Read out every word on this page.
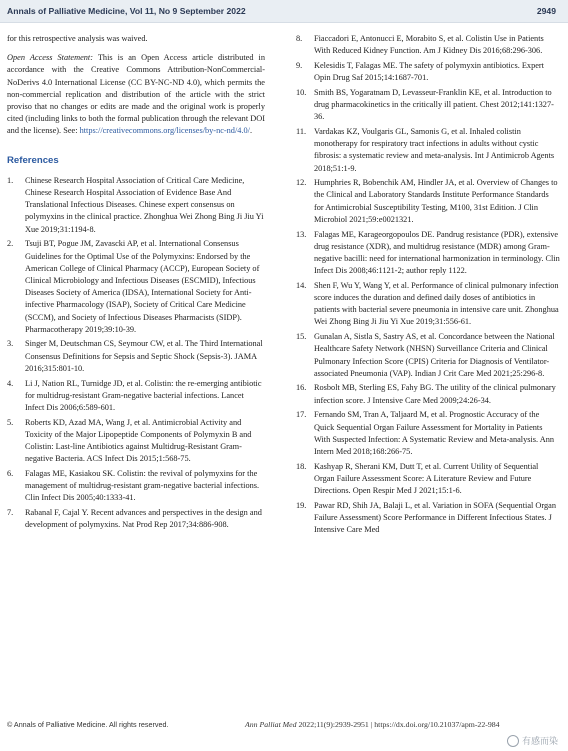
Annals of Palliative Medicine, Vol 11, No 9 September 2022	2949

for this retrospective analysis was waived.

Open Access Statement: This is an Open Access article distributed in accordance with the Creative Commons Attribution-NonCommercial-NoDerivs 4.0 International License (CC BY-NC-ND 4.0), which permits the non-commercial replication and distribution of the article with the strict proviso that no changes or edits are made and the original work is properly cited (including links to both the formal publication through the relevant DOI and the license). See: https://creativecommons.org/licenses/by-nc-nd/4.0/.

References
1. Chinese Research Hospital Association of Critical Care Medicine, Chinese Research Hospital Association of Evidence Base And Translational Infectious Diseases. Chinese expert consensus on polymyxins in the clinical practice. Zhonghua Wei Zhong Bing Ji Jiu Yi Xue 2019;31:1194-8.
2. Tsuji BT, Pogue JM, Zavascki AP, et al. International Consensus Guidelines for the Optimal Use of the Polymyxins: Endorsed by the American College of Clinical Pharmacy (ACCP), European Society of Clinical Microbiology and Infectious Diseases (ESCMID), Infectious Diseases Society of America (IDSA), International Society for Anti-infective Pharmacology (ISAP), Society of Critical Care Medicine (SCCM), and Society of Infectious Diseases Pharmacists (SIDP). Pharmacotherapy 2019;39:10-39.
3. Singer M, Deutschman CS, Seymour CW, et al. The Third International Consensus Definitions for Sepsis and Septic Shock (Sepsis-3). JAMA 2016;315:801-10.
4. Li J, Nation RL, Turnidge JD, et al. Colistin: the re-emerging antibiotic for multidrug-resistant Gram-negative bacterial infections. Lancet Infect Dis 2006;6:589-601.
5. Roberts KD, Azad MA, Wang J, et al. Antimicrobial Activity and Toxicity of the Major Lipopeptide Components of Polymyxin B and Colistin: Last-line Antibiotics against Multidrug-Resistant Gram-negative Bacteria. ACS Infect Dis 2015;1:568-75.
6. Falagas ME, Kasiakou SK. Colistin: the revival of polymyxins for the management of multidrug-resistant gram-negative bacterial infections. Clin Infect Dis 2005;40:1333-41.
7. Rabanal F, Cajal Y. Recent advances and perspectives in the design and development of polymyxins. Nat Prod Rep 2017;34:886-908.
8. Fiaccadori E, Antonucci E, Morabito S, et al. Colistin Use in Patients With Reduced Kidney Function. Am J Kidney Dis 2016;68:296-306.
9. Kelesidis T, Falagas ME. The safety of polymyxin antibiotics. Expert Opin Drug Saf 2015;14:1687-701.
10. Smith BS, Yogaratnam D, Levasseur-Franklin KE, et al. Introduction to drug pharmacokinetics in the critically ill patient. Chest 2012;141:1327-36.
11. Vardakas KZ, Voulgaris GL, Samonis G, et al. Inhaled colistin monotherapy for respiratory tract infections in adults without cystic fibrosis: a systematic review and meta-analysis. Int J Antimicrob Agents 2018;51:1-9.
12. Humphries R, Bobenchik AM, Hindler JA, et al. Overview of Changes to the Clinical and Laboratory Standards Institute Performance Standards for Antimicrobial Susceptibility Testing, M100, 31st Edition. J Clin Microbiol 2021;59:e0021321.
13. Falagas ME, Karageorgopoulos DE. Pandrug resistance (PDR), extensive drug resistance (XDR), and multidrug resistance (MDR) among Gram-negative bacilli: need for international harmonization in terminology. Clin Infect Dis 2008;46:1121-2; author reply 1122.
14. Shen F, Wu Y, Wang Y, et al. Performance of clinical pulmonary infection score induces the duration and defined daily doses of antibiotics in patients with bacterial severe pneumonia in intensive care unit. Zhonghua Wei Zhong Bing Ji Jiu Yi Xue 2019;31:556-61.
15. Gunalan A, Sistla S, Sastry AS, et al. Concordance between the National Healthcare Safety Network (NHSN) Surveillance Criteria and Clinical Pulmonary Infection Score (CPIS) Criteria for Diagnosis of Ventilator-associated Pneumonia (VAP). Indian J Crit Care Med 2021;25:296-8.
16. Rosbolt MB, Sterling ES, Fahy BG. The utility of the clinical pulmonary infection score. J Intensive Care Med 2009;24:26-34.
17. Fernando SM, Tran A, Taljaard M, et al. Prognostic Accuracy of the Quick Sequential Organ Failure Assessment for Mortality in Patients With Suspected Infection: A Systematic Review and Meta-analysis. Ann Intern Med 2018;168:266-75.
18. Kashyap R, Sherani KM, Dutt T, et al. Current Utility of Sequential Organ Failure Assessment Score: A Literature Review and Future Directions. Open Respir Med J 2021;15:1-6.
19. Pawar RD, Shih JA, Balaji L, et al. Variation in SOFA (Sequential Organ Failure Assessment) Score Performance in Different Infectious States. J Intensive Care Med
© Annals of Palliative Medicine. All rights reserved.	Ann Palliat Med 2022;11(9):2939-2951 | https://dx.doi.org/10.21037/apm-22-984
有感而染
